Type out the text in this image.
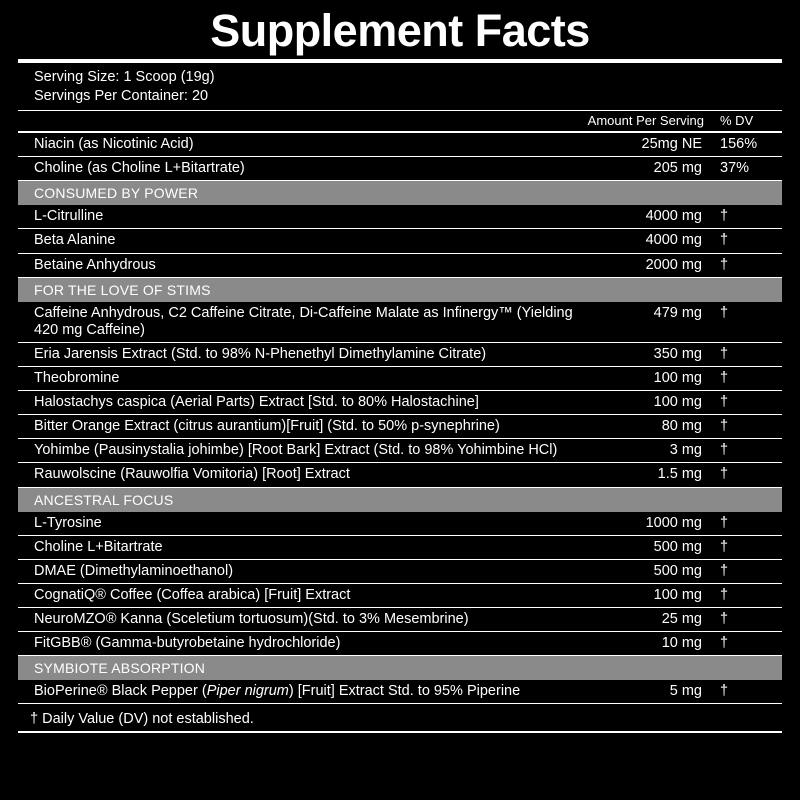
Supplement Facts
Serving Size: 1 Scoop (19g)
Servings Per Container: 20
Amount Per Serving	% DV
Niacin (as Nicotinic Acid)	25mg NE	156%
Choline (as Choline L+Bitartrate)	205 mg	37%
CONSUMED BY POWER		
L-Citrulline	4000 mg	†
Beta Alanine	4000 mg	†
Betaine Anhydrous	2000 mg	†
FOR THE LOVE OF STIMS		
Caffeine Anhydrous, C2 Caffeine Citrate, Di-Caffeine Malate as Infinergy™ (Yielding 420 mg Caffeine)	479 mg	†
Eria Jarensis Extract (Std. to 98% N-Phenethyl Dimethylamine Citrate)	350 mg	†
Theobromine	100 mg	†
Halostachys caspica (Aerial Parts) Extract [Std. to 80% Halostachine]	100 mg	†
Bitter Orange Extract (citrus aurantium)[Fruit] (Std. to 50% p-synephrine)	80 mg	†
Yohimbe (Pausinystalia johimbe) [Root Bark] Extract (Std. to 98% Yohimbine HCl)	3 mg	†
Rauwolscine (Rauwolfia Vomitoria) [Root] Extract	1.5 mg	†
ANCESTRAL FOCUS		
L-Tyrosine	1000 mg	†
Choline L+Bitartrate	500 mg	†
DMAE (Dimethylaminoethanol)	500 mg	†
CognatiQ® Coffee (Coffea arabica) [Fruit] Extract	100 mg	†
NeuroMZO® Kanna (Sceletium tortuosum)(Std. to 3% Mesembrine)	25 mg	†
FitGBB® (Gamma-butyrobetaine hydrochloride)	10 mg	†
SYMBIOTE ABSORPTION		
BioPerine® Black Pepper (Piper nigrum) [Fruit] Extract Std. to 95% Piperine	5 mg	†
† Daily Value (DV) not established.
